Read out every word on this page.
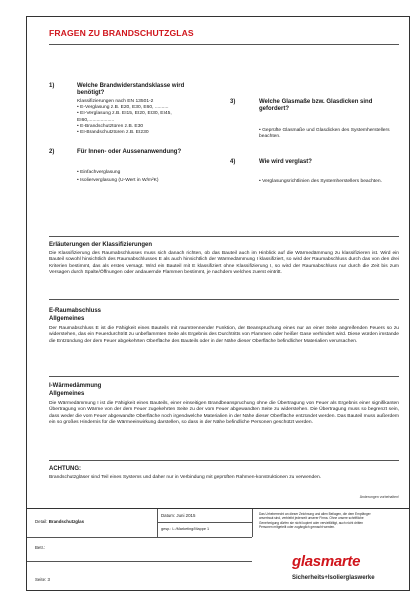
FRAGEN ZU BRANDSCHUTZGLAS
1)	Welche Brandwiderstandsklasse wird
benötigt?
Klassifizierungen nach EN 13501-2
• E-Verglasung z.B. E20, E30, E60, ..........
• EI-Verglasung z.B. EI15, EI20, EI30, EI45,
EI60,...................
• E-Brandschutztüren z.B. E30
• EI-Brandschutztüren z.B. EI230
2)	Für Innen- oder Aussenanwendung?
• Einfachverglasung
• Isolierverglasung (U-Wert in W/m²K)
3)	Welche Glasmaße bzw. Glasdicken sind
gefordert?
• Geprüfte Glasmaße und Glasdicken des Systemherstellers
beachten.
4)	Wie wird verglast?
• Verglasungsrichtlinien des Systemherstellers beachten.
Erläuterungen der Klassifizierungen
Die Klassifizierung des Raumabschlusses muss sich danach richten, ob das Bauteil auch im Hinblick auf die Wärmedämmung zu klassifizieren ist. Wird ein Bauteil sowohl hinsichtlich des Raumabschlusses E als auch hinsichtlich der Wärmedämmung I klassifiziert, so wird der Raumabschluss durch das von den drei Kriterien bestimmt, das als erstes versagt. Wird ein Bauteil mit E klassifiziert ohne Klassifizierung I, so wird der Raumabschluss nur durch die Zeit bis zum Versagen durch Spalte/Öffnungen oder andauernde Flammen bestimmt, je nachdem welches zuerst eintritt.
E-Raumabschluss
Allgemeines
Der Raumabschluss E ist die Fähigkeit eines Bauteils mit raumtrennender Funktion, der Beanspruchung eines nur an einer Seite angreifenden Feuers so zu widerstehen, das ein Feuerdurchtritt zu unbeflammten Seite als Ergebnis des Durchtritts von Flammen oder heißer Gase verhindert wird. Diese würden imstande die Entzündung der dem Feuer abgekehrten Oberfläche des Bauteils oder in der Nähe dieser Oberfläche befindlicher Materialien verursachen.
I-Wärmedämmung
Allgemeines
Die Wärmedämmung I ist die Fähigkeit eines Bauteils, einer einseitigen Brandbeanspruchung ohne die Übertragung von Feuer als Ergebnis einer signifikanten Übertragung von Wärme von der dem Feuer zugekehrten Seite zu der vom Feuer abgewandten Seite zu widerstehen. Die Übertragung muss so begrenzt sein, dass weder die vom Feuer abgewandte Oberfläche noch irgendwelche Materialien in der Nähe dieser Oberfläche entzündet werden. Das Bauteil muss außerdem ein so großes Hindernis für die Wärmeeinwirkung darstellen, so dass in der Nähe befindliche Personen geschützt werden.
ACHTUNG:
Brandschutzgläser sind Teil eines Systems und daher nur in Verbindung mit geprüften Rahmen-konstruktionen zu verwenden.
Änderungen vorbehalten!
Detail: Brandschutzglas
Datum: Juni 2015
gesp.: L:/Marketing/Mappe 1
Betr.:
Seite: 3
Das Urheberrecht an dieser Zeichnung und allen Beilagen, die dem Empfänger
anvertraut sind, verbleibt jederzeit unserer Firma. Ohne unsere schriftliche
Genehmigung dürfen sie nicht kopiert oder vervielfältigt, auch nicht dritten
Personen mitgeteilt oder zugänglich gemacht werden.
glasmarte
Sicherheits+Isolierglaswerke
